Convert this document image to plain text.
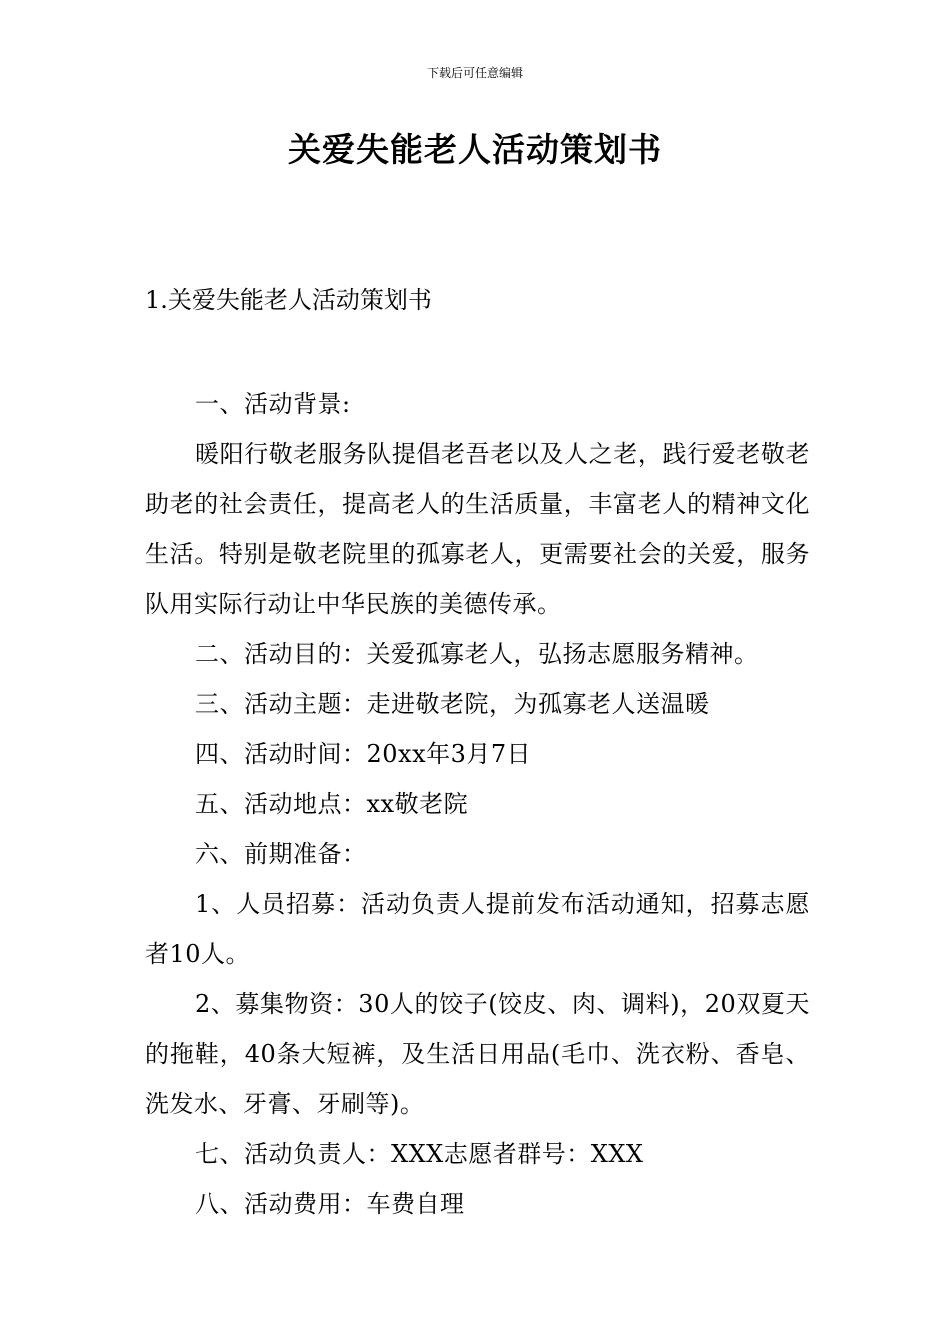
下载后可任意编辑
关爱失能老人活动策划书
1.关爱失能老人活动策划书

一、活动背景:

暖阳行敬老服务队提倡老吾老以及人之老，践行爱老敬老助老的社会责任，提高老人的生活质量，丰富老人的精神文化生活。特别是敬老院里的孤寡老人，更需要社会的关爱，服务队用实际行动让中华民族的美德传承。

二、活动目的：关爱孤寡老人，弘扬志愿服务精神。

三、活动主题：走进敬老院，为孤寡老人送温暖

四、活动时间：20xx年3月7日

五、活动地点：xx敬老院

六、前期准备：

1、人员招募：活动负责人提前发布活动通知，招募志愿者10人。

2、募集物资：30人的饺子(饺皮、肉、调料)，20双夏天的拖鞋，40条大短裤，及生活日用品(毛巾、洗衣粉、香皂、洗发水、牙膏、牙刷等)。

七、活动负责人：XXX志愿者群号：XXX

八、活动费用：车费自理
